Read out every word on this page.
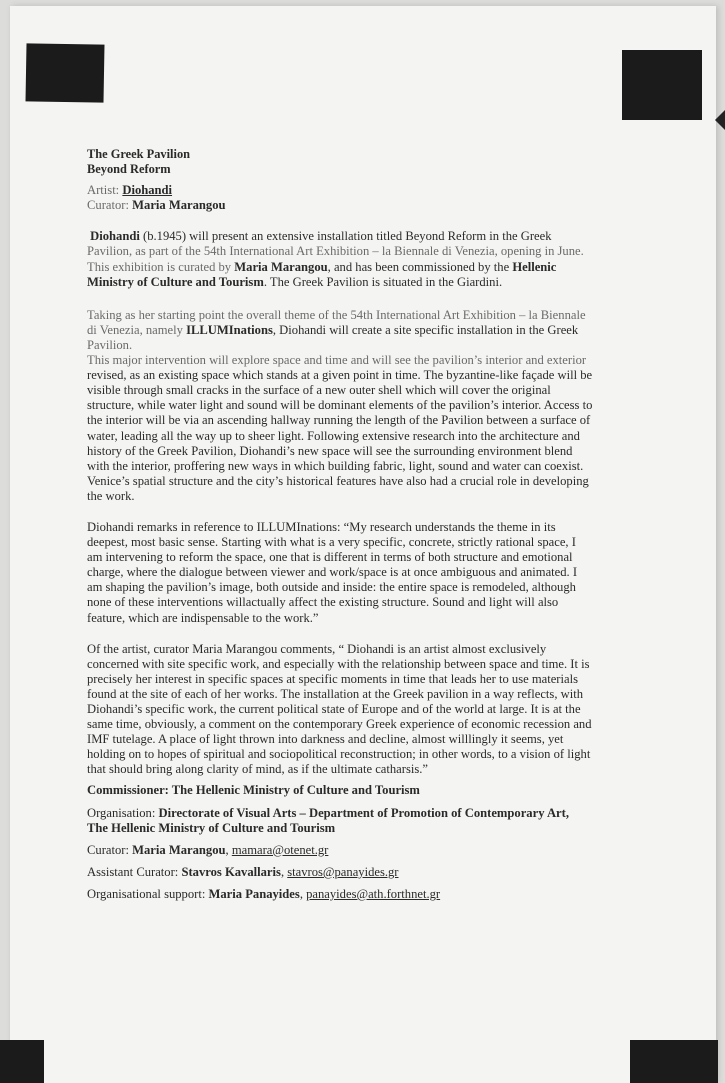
The Greek Pavilion

Beyond Reform

Artist: Diohandi

Curator: Maria Marangou

Diohandi (b.1945) will present an extensive installation titled Beyond Reform in the Greek
Pavilion, as part of the 54th International Art Exhibition – la Biennale di Venezia, opening in June.
This exhibition is curated by Maria Marangou, and has been commissioned by the Hellenic
Ministry of Culture and Tourism. The Greek Pavilion is situated in the Giardini.
Taking as her starting point the overall theme of the 54th International Art Exhibition – la Biennale
di Venezia, namely ILLUMInations, Diohandi will create a site specific installation in the Greek
Pavilion.
This major intervention will explore space and time and will see the pavilion’s interior and exterior
revised, as an existing space which stands at a given point in time. The byzantine-like façade will be
visible through small cracks in the surface of a new outer shell which will cover the original
structure, while water light and sound will be dominant elements of the pavilion’s interior. Access to
the interior will be via an ascending hallway running the length of the Pavilion between a surface of
water, leading all the way up to sheer light. Following extensive research into the architecture and
history of the Greek Pavilion, Diohandi’s new space will see the surrounding environment blend
with the interior, proffering new ways in which building fabric, light, sound and water can coexist.
Venice’s spatial structure and the city’s historical features have also had a crucial role in developing
the work.
Diohandi remarks in reference to ILLUMInations: “My research understands the theme in its
deepest, most basic sense. Starting with what is a very specific, concrete, strictly rational space, I
am intervening to reform the space, one that is different in terms of both structure and emotional
charge, where the dialogue between viewer and work/space is at once ambiguous and animated. I
am shaping the pavilion’s image, both outside and inside: the entire space is remodeled, although
none of these interventions willactually affect the existing structure. Sound and light will also
feature, which are indispensable to the work.”
Of the artist, curator Maria Marangou comments, “ Diohandi is an artist almost exclusively
concerned with site specific work, and especially with the relationship between space and time. It is
precisely her interest in specific spaces at specific moments in time that leads her to use materials
found at the site of each of her works. The installation at the Greek pavilion in a way reflects, with
Diohandi’s specific work, the current political state of Europe and of the world at large. It is at the
same time, obviously, a comment on the contemporary Greek experience of economic recession and
IMF tutelage. A place of light thrown into darkness and decline, almost willlingly it seems, yet
holding on to hopes of spiritual and sociopolitical reconstruction; in other words, to a vision of light
that should bring along clarity of mind, as if the ultimate catharsis.”

Commissioner: The Hellenic Ministry of Culture and Tourism

Organisation: Directorate of Visual Arts – Department of Promotion of Contemporary Art,
The Hellenic Ministry of Culture and Tourism

Curator: Maria Marangou, mamara@otenet.gr

Assistant Curator: Stavros Kavallaris, stavros@panayides.gr

Organisational support: Maria Panayides, panayides@ath.forthnet.gr
